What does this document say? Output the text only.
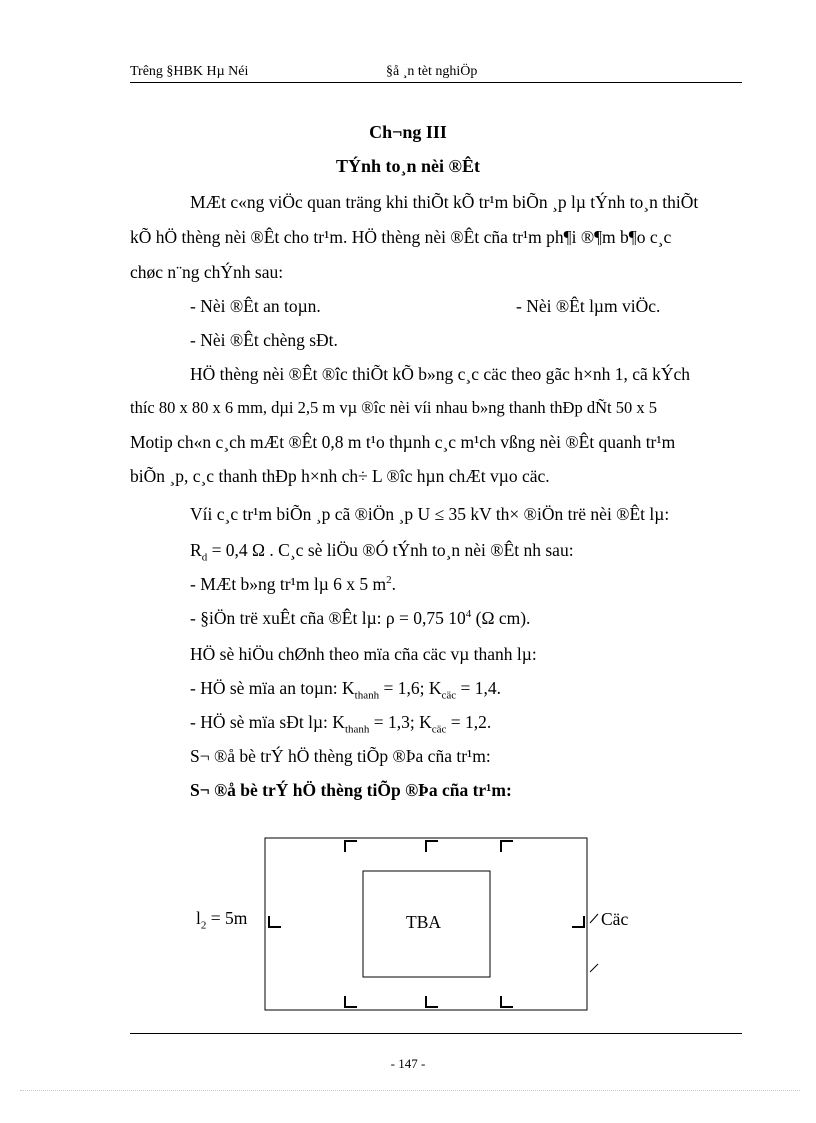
Trêng §HBK Hµ Néi	§å ¸n tèt nghiÖp
Ch¬ng III
TÝnh to¸n nèi ®Êt
MÆt c«ng viÖc quan träng khi thiÕt kÕ tr¹m biÕn ¸p lµ tÝnh to¸n thiÕt
kÕ hÖ thèng nèi ®Êt cho tr¹m. HÖ thèng nèi ®Êt cña tr¹m ph¶i ®¶m b¶o c¸c
chøc n¨ng chÝnh sau:
- Nèi ®Êt an toµn.	- Nèi ®Êt lµm viÖc.
- Nèi ®Êt chèng sÐt.
HÖ thèng nèi ®Êt ®îc thiÕt kÕ b»ng c¸c cäc theo gãc h×nh 1, cã kÝch
thíc 80 x 80 x 6 mm, dµi 2,5 m vµ ®îc nèi víi nhau b»ng thanh thÐp dÑt 50 x 5
Motip ch«n c¸ch mÆt ®Êt 0,8 m t¹o thµnh c¸c m¹ch vßng nèi ®Êt quanh tr¹m
biÕn ¸p, c¸c thanh thÐp h×nh ch÷ L ®îc hµn chÆt vµo cäc.
Víi c¸c tr¹m biÕn ¸p cã ®iÖn ¸p U ≤ 35 kV th× ®iÖn trë nèi ®Êt lµ:
$R_d = 0,4$ Ω . C¸c sè liÖu ®Ó tÝnh to¸n nèi ®Êt nh sau:
- MÆt b»ng tr¹m lµ 6 x 5 $m^2$.
- §iÖn trë xuÊt cña ®Êt lµ: ρ = 0,75 $10^4$ (Ω cm).
HÖ sè hiÖu chØnh theo mïa cña cäc vµ thanh lµ:
- HÖ sè mïa an toµn: $K_{thanh} = 1,6$; $K_{cäc} = 1,4$.
- HÖ sè mïa sÐt lµ: $K_{thanh} = 1,3$; $K_{cäc} = 1,2$.
S¬ ®å bè trÝ hÖ thèng tiÕp ®Þa cña tr¹m:
S¬ ®å bè trÝ hÖ thèng tiÕp ®Þa cña tr¹m:
$l_2 = 5m$	TBA	Cäc
- 147 -
